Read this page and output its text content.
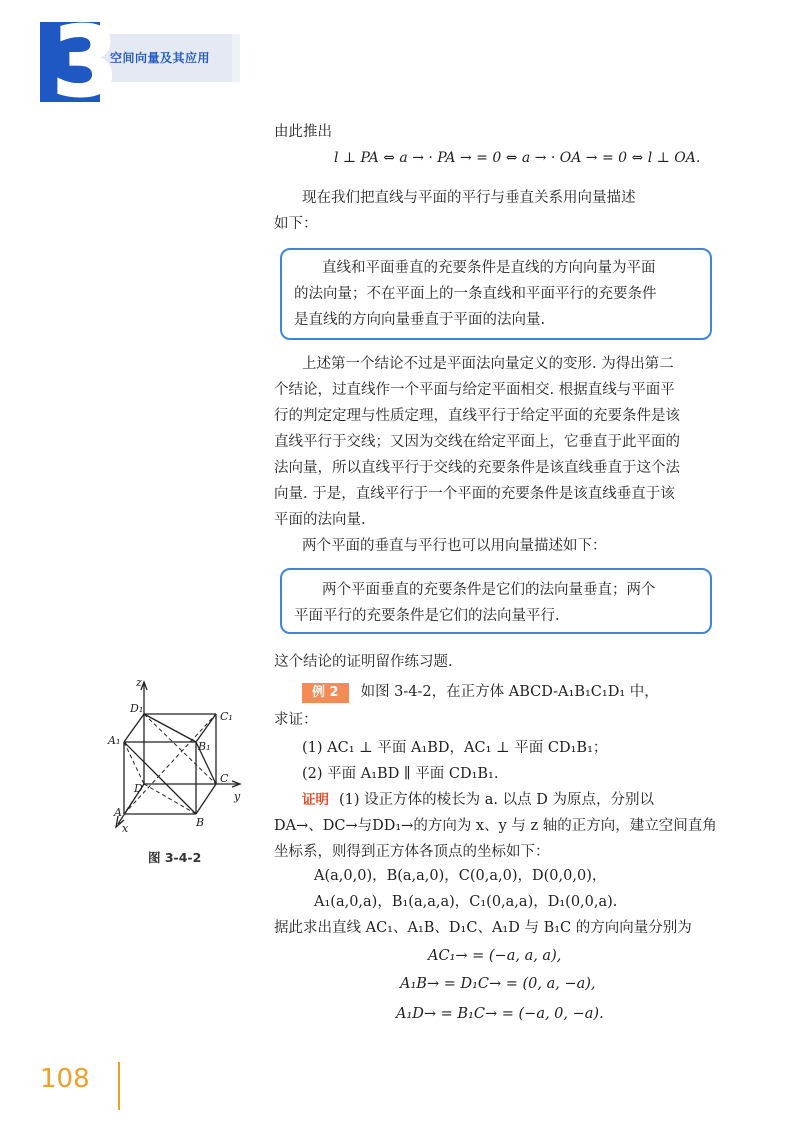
3
空间向量及其应用
由此推出
l ⊥ PA ⇔ a → · PA → = 0 ⇔ a → · OA → = 0 ⇔ l ⊥ OA.
现在我们把直线与平面的平行与垂直关系用向量描述
如下：
直线和平面垂直的充要条件是直线的方向向量为平面
的法向量；不在平面上的一条直线和平面平行的充要条件
是直线的方向向量垂直于平面的法向量.
上述第一个结论不过是平面法向量定义的变形. 为得出第二
个结论，过直线作一个平面与给定平面相交. 根据直线与平面平
行的判定定理与性质定理，直线平行于给定平面的充要条件是该
直线平行于交线；又因为交线在给定平面上，它垂直于此平面的
法向量，所以直线平行于交线的充要条件是该直线垂直于这个法
向量. 于是，直线平行于一个平面的充要条件是该直线垂直于该
平面的法向量.
两个平面的垂直与平行也可以用向量描述如下：
两个平面垂直的充要条件是它们的法向量垂直；两个
平面平行的充要条件是它们的法向量平行.
这个结论的证明留作练习题.
例 2 如图 3-4-2，在正方体 ABCD-A₁B₁C₁D₁ 中，
求证：
(1) AC₁ ⊥ 平面 A₁BD，AC₁ ⊥ 平面 CD₁B₁；
(2) 平面 A₁BD ∥ 平面 CD₁B₁.
证明 (1) 设正方体的棱长为 a. 以点 D 为原点，分别以
DA→、DC→与DD₁→的方向为 x、y 与 z 轴的正方向，建立空间直角
坐标系，则得到正方体各顶点的坐标如下：
A(a,0,0)，B(a,a,0)，C(0,a,0)，D(0,0,0)，
A₁(a,0,a)，B₁(a,a,a)，C₁(0,a,a)，D₁(0,0,a).
据此求出直线 AC₁、A₁B、D₁C、A₁D 与 B₁C 的方向向量分别为
AC₁→ = (−a, a, a),
A₁B→ = D₁C→ = (0, a, −a),
A₁D→ = B₁C→ = (−a, 0, −a).
z
y
x
D₁
C₁
A₁	B₁
C
D
A
B
图 3-4-2
108
